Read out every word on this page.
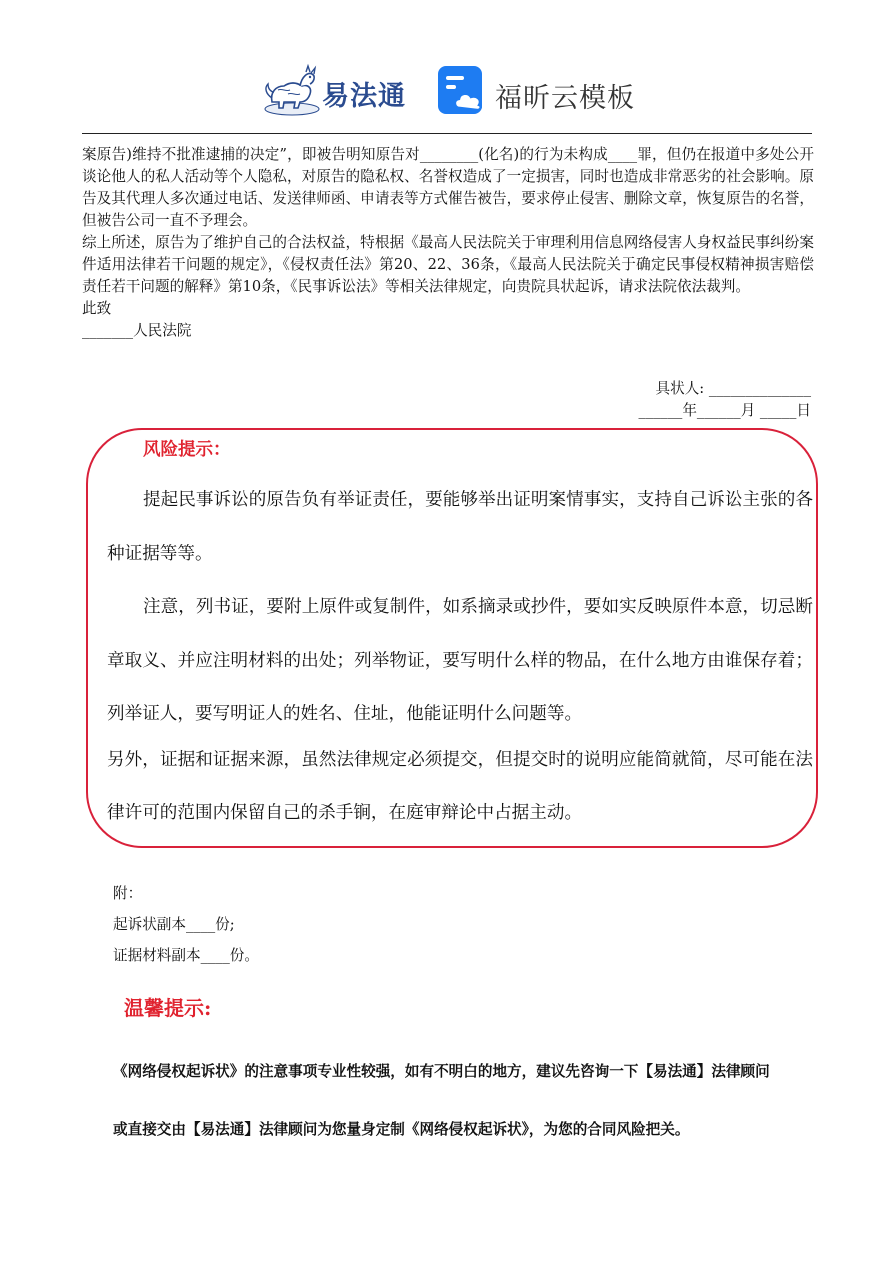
易法通	福昕云模板

案原告)维持不批准逮捕的决定”，即被告明知原告对________(化名)的行为未构成____罪，但仍在报道中多处公开谈论他人的私人活动等个人隐私，对原告的隐私权、名誉权造成了一定损害，同时也造成非常恶劣的社会影响。原告及其代理人多次通过电话、发送律师函、申请表等方式催告被告，要求停止侵害、删除文章，恢复原告的名誉，但被告公司一直不予理会。

综上所述，原告为了维护自己的合法权益，特根据《最高人民法院关于审理利用信息网络侵害人身权益民事纠纷案件适用法律若干问题的规定》，《侵权责任法》第20、22、36条，《最高人民法院关于确定民事侵权精神损害赔偿责任若干问题的解释》第10条，《民事诉讼法》等相关法律规定，向贵院具状起诉，请求法院依法裁判。

此致

_______人民法院

具状人: ______________
______年______月 _____日
风险提示：

提起民事诉讼的原告负有举证责任，要能够举出证明案情事实，支持自己诉讼主张的各种证据等等。

注意，列书证，要附上原件或复制件，如系摘录或抄件，要如实反映原件本意，切忌断章取义、并应注明材料的出处；列举物证，要写明什么样的物品，在什么地方由谁保存着；列举证人，要写明证人的姓名、住址，他能证明什么问题等。

另外，证据和证据来源，虽然法律规定必须提交，但提交时的说明应能简就简，尽可能在法律许可的范围内保留自己的杀手锏，在庭审辩论中占据主动。

附：
起诉状副本____份;
证据材料副本____份。
温馨提示:

《网络侵权起诉状》的注意事项专业性较强，如有不明白的地方，建议先咨询一下【易法通】法律顾问

或直接交由【易法通】法律顾问为您量身定制《网络侵权起诉状》，为您的合同风险把关。
